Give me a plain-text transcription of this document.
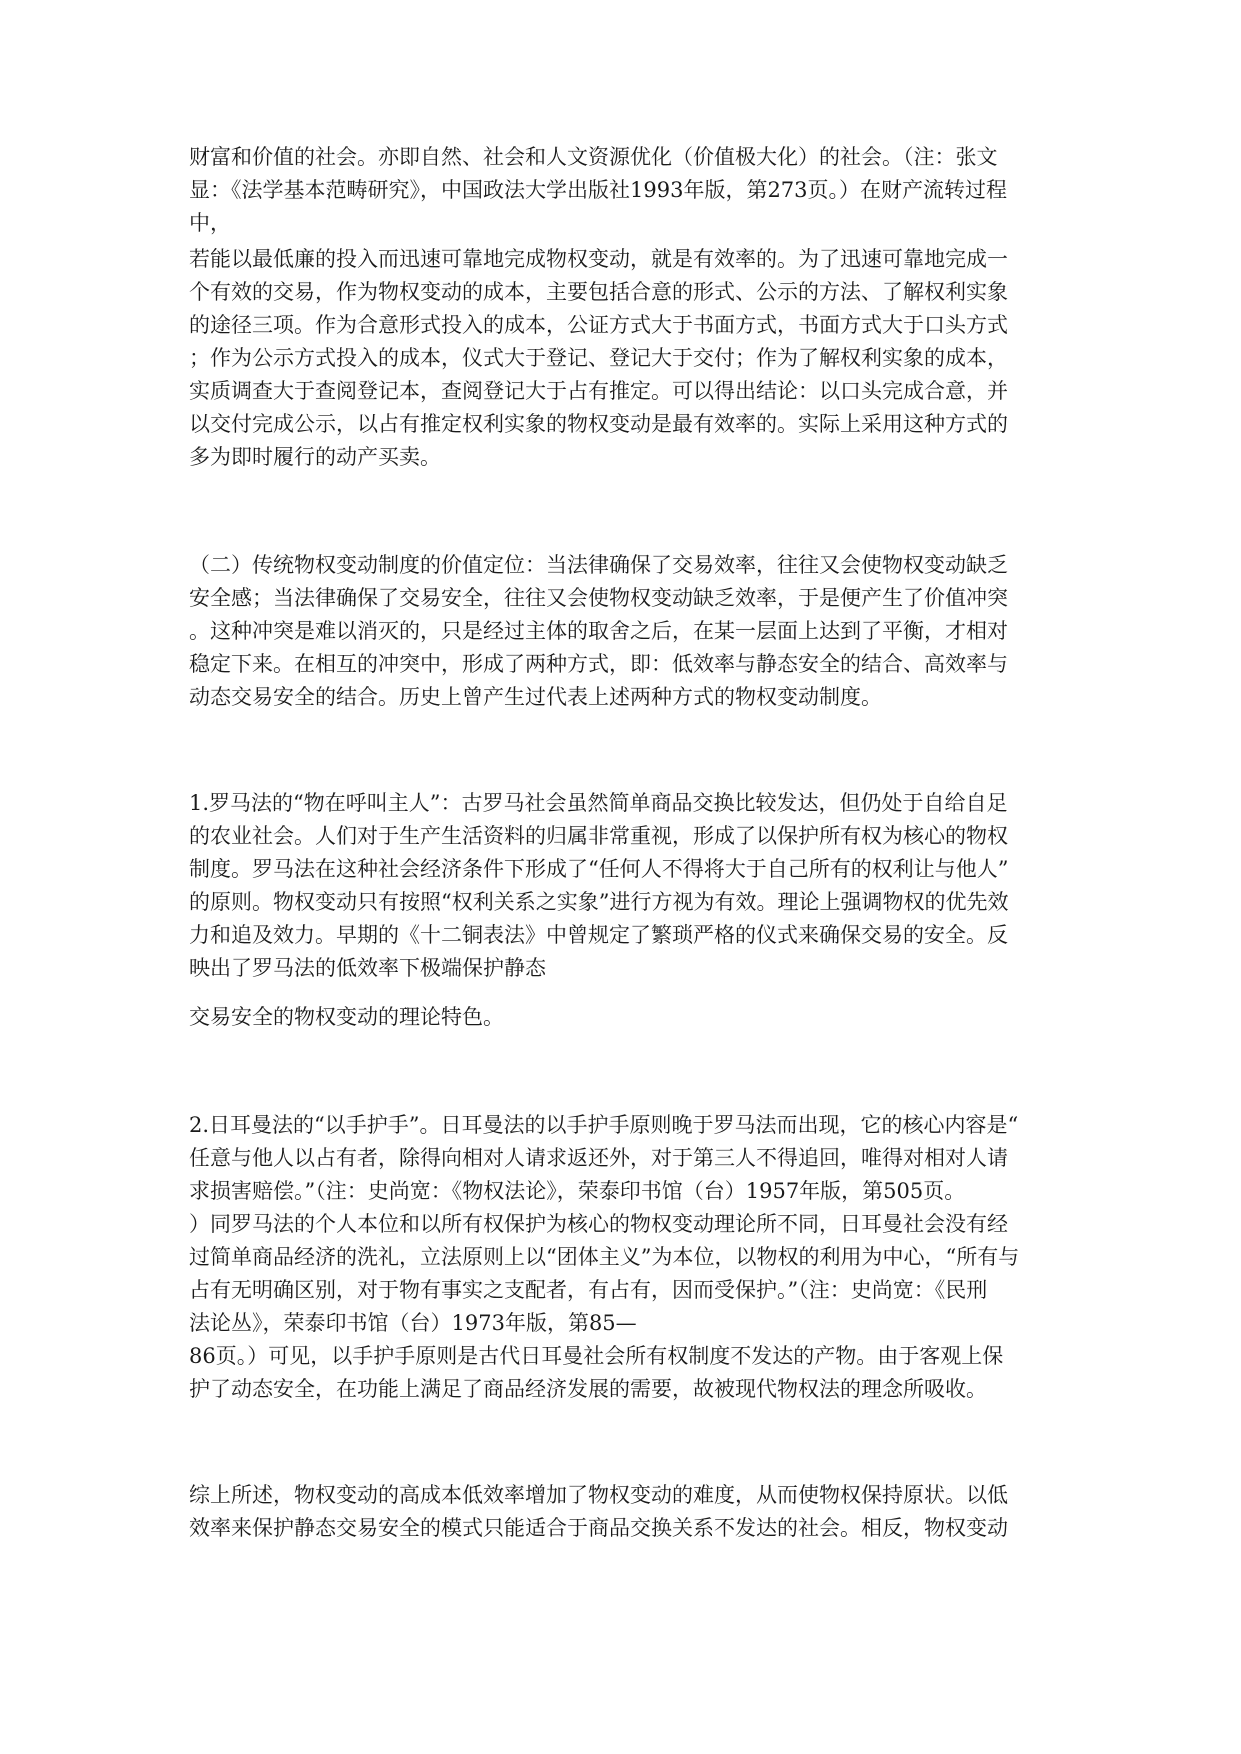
财富和价值的社会。亦即自然、社会和人文资源优化（价值极大化）的社会。（注：张文

显：《法学基本范畴研究》，中国政法大学出版社1993年版，第273页。）在财产流转过程

中，

若能以最低廉的投入而迅速可靠地完成物权变动，就是有效率的。为了迅速可靠地完成一

个有效的交易，作为物权变动的成本，主要包括合意的形式、公示的方法、了解权利实象

的途径三项。作为合意形式投入的成本，公证方式大于书面方式，书面方式大于口头方式

；作为公示方式投入的成本，仪式大于登记、登记大于交付；作为了解权利实象的成本，

实质调查大于查阅登记本，查阅登记大于占有推定。可以得出结论：以口头完成合意，并

以交付完成公示，以占有推定权利实象的物权变动是最有效率的。实际上采用这种方式的

多为即时履行的动产买卖。

（二）传统物权变动制度的价值定位：当法律确保了交易效率，往往又会使物权变动缺乏

安全感；当法律确保了交易安全，往往又会使物权变动缺乏效率，于是便产生了价值冲突

。这种冲突是难以消灭的，只是经过主体的取舍之后，在某一层面上达到了平衡，才相对

稳定下来。在相互的冲突中，形成了两种方式，即：低效率与静态安全的结合、高效率与

动态交易安全的结合。历史上曾产生过代表上述两种方式的物权变动制度。

1.罗马法的“物在呼叫主人”：古罗马社会虽然简单商品交换比较发达，但仍处于自给自足

的农业社会。人们对于生产生活资料的归属非常重视，形成了以保护所有权为核心的物权

制度。罗马法在这种社会经济条件下形成了“任何人不得将大于自己所有的权利让与他人”

的原则。物权变动只有按照“权利关系之实象”进行方视为有效。理论上强调物权的优先效

力和追及效力。早期的《十二铜表法》中曾规定了繁琐严格的仪式来确保交易的安全。反

映出了罗马法的低效率下极端保护静态

交易安全的物权变动的理论特色。

2.日耳曼法的“以手护手”。日耳曼法的以手护手原则晚于罗马法而出现，它的核心内容是“

任意与他人以占有者，除得向相对人请求返还外，对于第三人不得追回，唯得对相对人请

求损害赔偿。”（注：史尚宽：《物权法论》，荣泰印书馆（台）1957年版，第505页。

）同罗马法的个人本位和以所有权保护为核心的物权变动理论所不同，日耳曼社会没有经

过简单商品经济的洗礼，立法原则上以“团体主义”为本位，以物权的利用为中心，“所有与

占有无明确区别，对于物有事实之支配者，有占有，因而受保护。”（注：史尚宽：《民刑

法论丛》，荣泰印书馆（台）1973年版，第85—

86页。）可见，以手护手原则是古代日耳曼社会所有权制度不发达的产物。由于客观上保

护了动态安全，在功能上满足了商品经济发展的需要，故被现代物权法的理念所吸收。

综上所述，物权变动的高成本低效率增加了物权变动的难度，从而使物权保持原状。以低

效率来保护静态交易安全的模式只能适合于商品交换关系不发达的社会。相反，物权变动
